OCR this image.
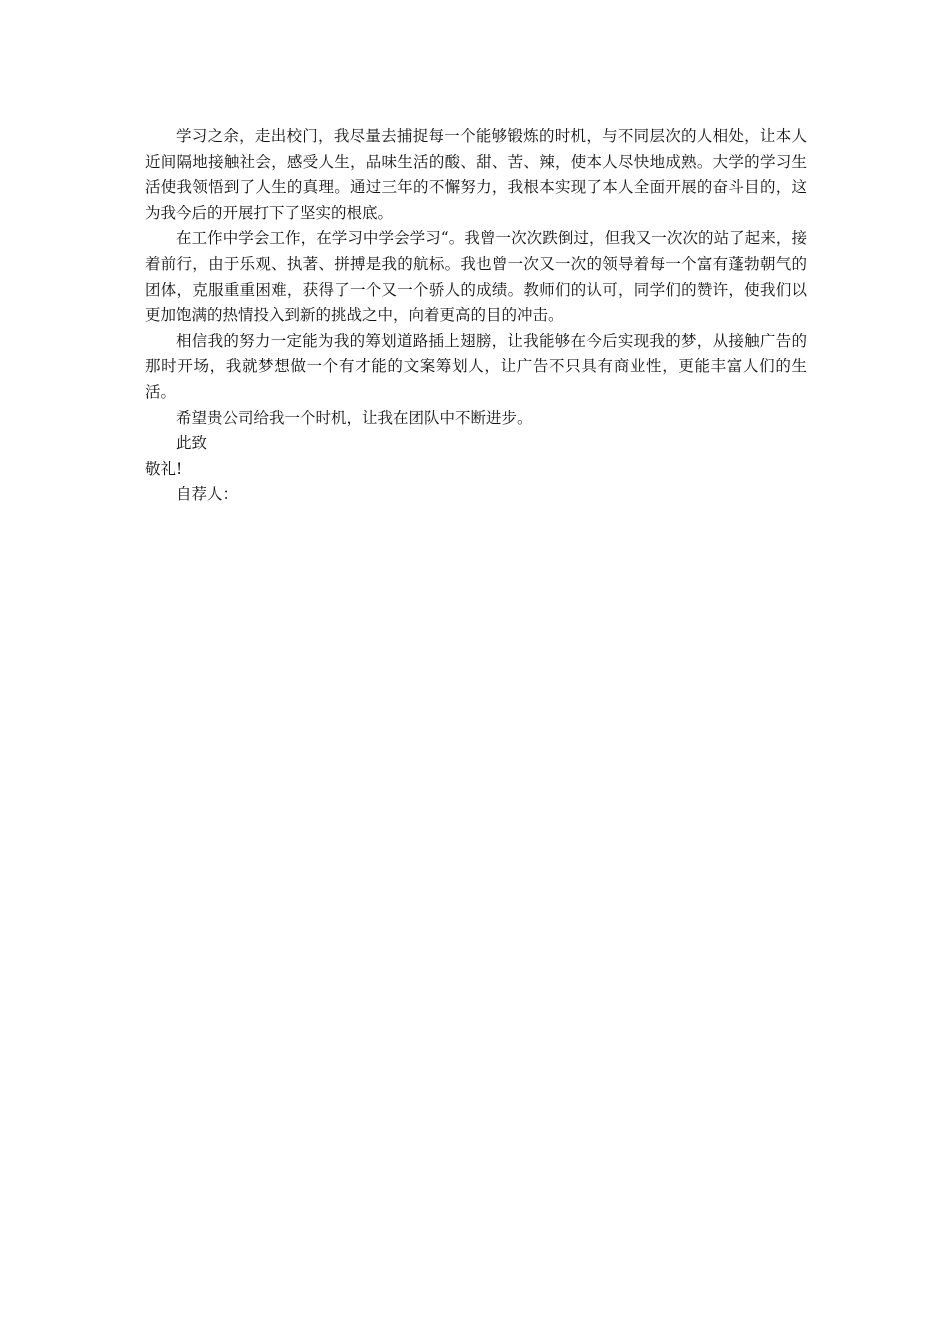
学习之余，走出校门，我尽量去捕捉每一个能够锻炼的时机，与不同层次的人相处，让本人近间隔地接触社会，感受人生，品味生活的酸、甜、苦、辣，使本人尽快地成熟。大学的学习生活使我领悟到了人生的真理。通过三年的不懈努力，我根本实现了本人全面开展的奋斗目的，这为我今后的开展打下了坚实的根底。

在工作中学会工作，在学习中学会学习“。我曾一次次跌倒过，但我又一次次的站了起来，接着前行，由于乐观、执著、拼搏是我的航标。我也曾一次又一次的领导着每一个富有蓬勃朝气的团体，克服重重困难，获得了一个又一个骄人的成绩。教师们的认可，同学们的赞许，使我们以更加饱满的热情投入到新的挑战之中，向着更高的目的冲击。

相信我的努力一定能为我的筹划道路插上翅膀，让我能够在今后实现我的梦，从接触广告的那时开场，我就梦想做一个有才能的文案筹划人，让广告不只具有商业性，更能丰富人们的生活。

希望贵公司给我一个时机，让我在团队中不断进步。

此致

敬礼!

自荐人：
